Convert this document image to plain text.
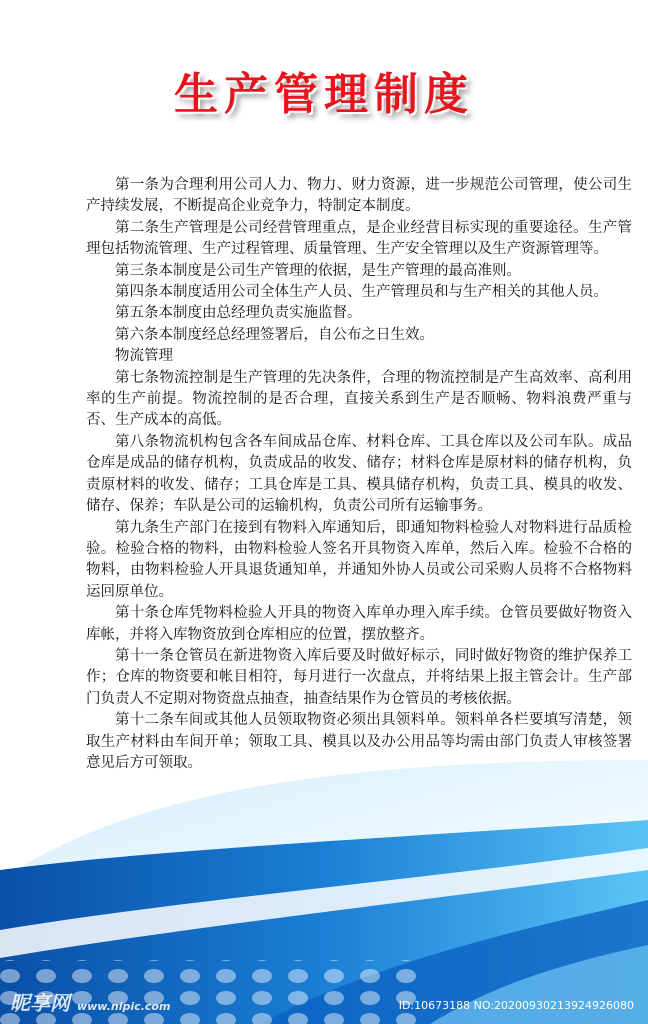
生产管理制度

第一条为合理利用公司人力、物力、财力资源，进一步规范公司管理，使公司生产持续发展，不断提高企业竞争力，特制定本制度。

第二条生产管理是公司经营管理重点，是企业经营目标实现的重要途径。生产管理包括物流管理、生产过程管理、质量管理、生产安全管理以及生产资源管理等。

第三条本制度是公司生产管理的依据，是生产管理的最高准则。

第四条本制度适用公司全体生产人员、生产管理员和与生产相关的其他人员。

第五条本制度由总经理负责实施监督。

第六条本制度经总经理签署后，自公布之日生效。

物流管理

第七条物流控制是生产管理的先决条件，合理的物流控制是产生高效率、高利用率的生产前提。物流控制的是否合理，直接关系到生产是否顺畅、物料浪费严重与否、生产成本的高低。

第八条物流机构包含各车间成品仓库、材料仓库、工具仓库以及公司车队。成品仓库是成品的储存机构，负责成品的收发、储存；材料仓库是原材料的储存机构，负责原材料的收发、储存；工具仓库是工具、模具储存机构，负责工具、模具的收发、储存、保养；车队是公司的运输机构，负责公司所有运输事务。

第九条生产部门在接到有物料入库通知后，即通知物料检验人对物料进行品质检验。检验合格的物料，由物料检验人签名开具物资入库单，然后入库。检验不合格的物料，由物料检验人开具退货通知单，并通知外协人员或公司采购人员将不合格物料运回原单位。

第十条仓库凭物料检验人开具的物资入库单办理入库手续。仓管员要做好物资入库帐，并将入库物资放到仓库相应的位置，摆放整齐。

第十一条仓管员在新进物资入库后要及时做好标示，同时做好物资的维护保养工作；仓库的物资要和帐目相符，每月进行一次盘点，并将结果上报主管会计。生产部门负责人不定期对物资盘点抽查，抽查结果作为仓管员的考核依据。

第十二条车间或其他人员领取物资必须出具领料单。领料单各栏要填写清楚，领取生产材料由车间开单；领取工具、模具以及办公用品等均需由部门负责人审核签署意见后方可领取。

昵享网 www.nipic.com	ID:10673188 NO:20200930213924926080
